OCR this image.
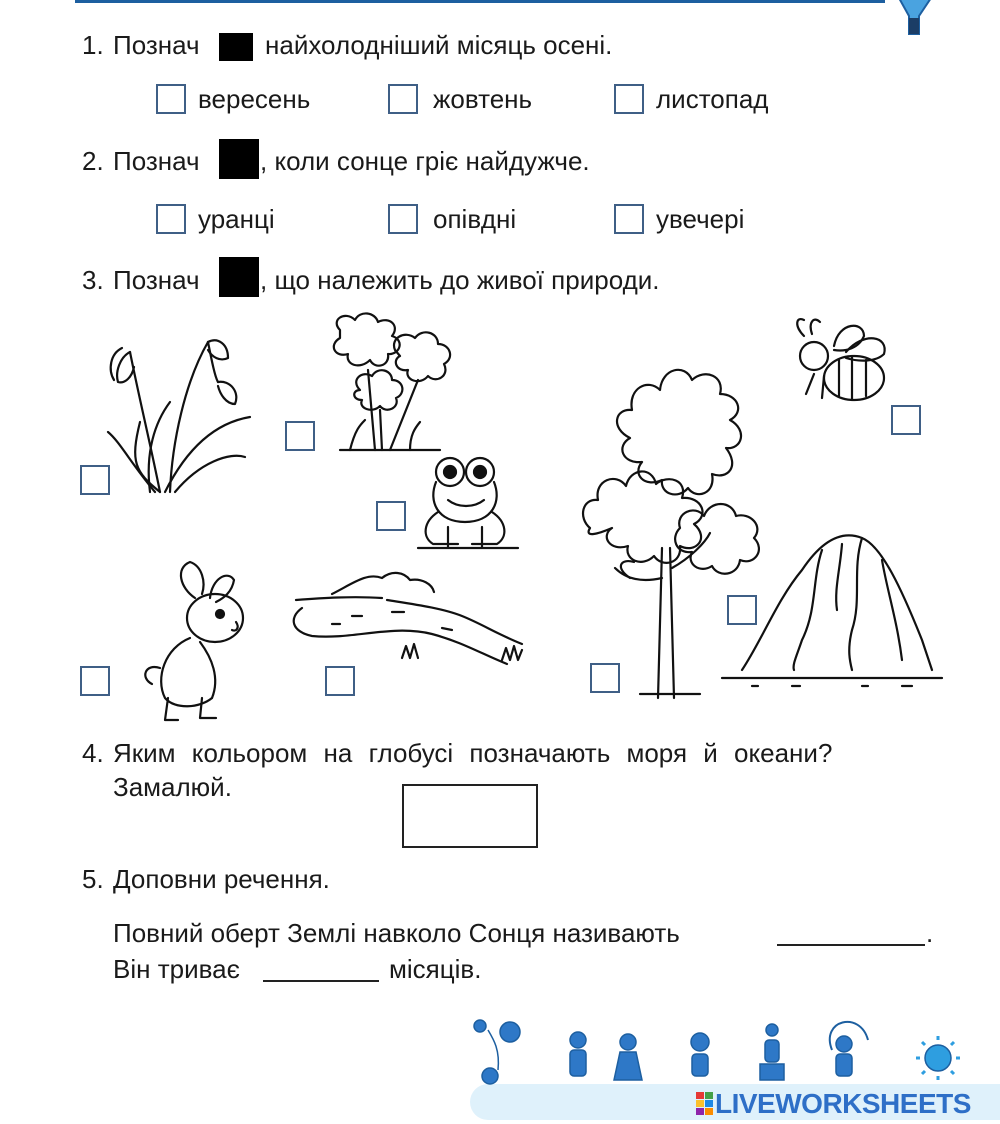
1. Познач	найхолодніший місяць осені.
вересень	жовтень	листопад
2. Познач , коли сонце гріє найдужче.
уранці	опівдні	увечері
3. Познач , що належить до живої природи.
4. Яким кольором на глобусі позначають моря й океани?
Замалюй.
5. Доповни речення.
Повний оберт Землі навколо Сонця називають	.
Він триває	місяців.
LIVEWORKSHEETS
